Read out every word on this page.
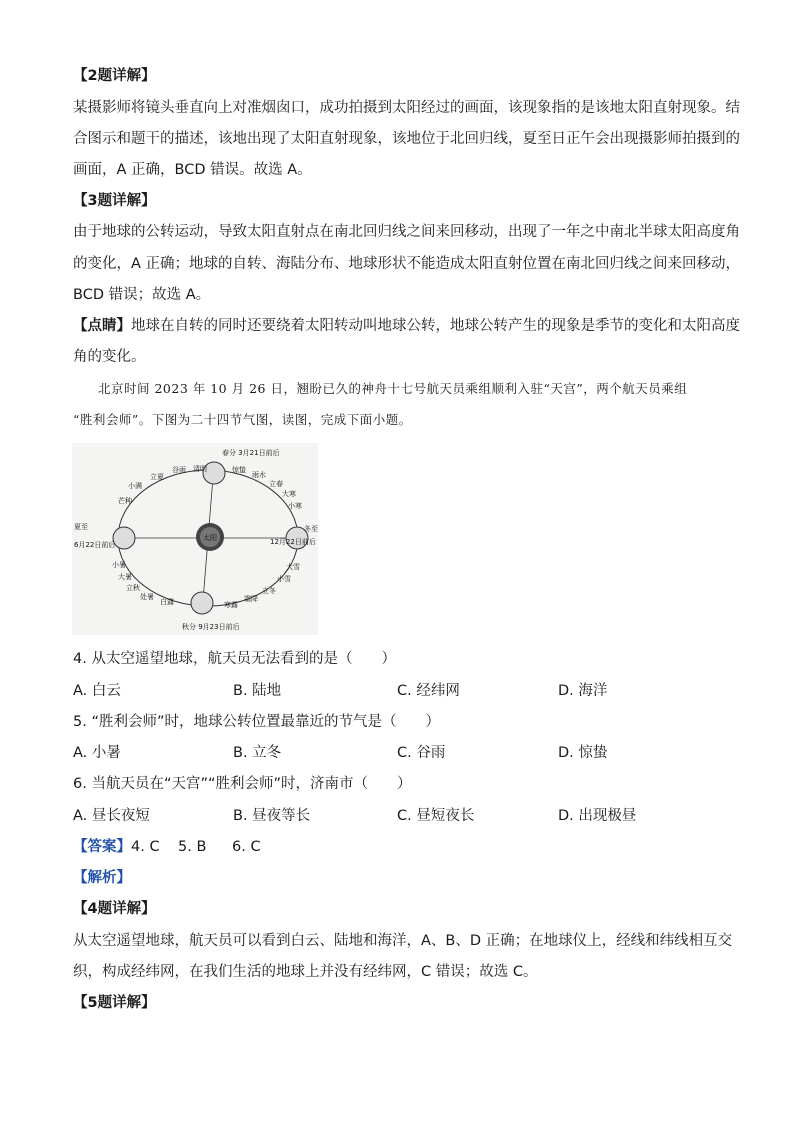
【2题详解】
某摄影师将镜头垂直向上对准烟囱口，成功拍摄到太阳经过的画面，该现象指的是该地太阳直射现象。结
合图示和题干的描述，该地出现了太阳直射现象，该地位于北回归线，夏至日正午会出现摄影师拍摄到的
画面，A 正确，BCD 错误。故选 A。
【3题详解】
由于地球的公转运动，导致太阳直射点在南北回归线之间来回移动，出现了一年之中南北半球太阳高度角
的变化，A 正确；地球的自转、海陆分布、地球形状不能造成太阳直射位置在南北回归线之间来回移动，
BCD 错误；故选 A。
【点睛】地球在自转的同时还要绕着太阳转动叫地球公转，地球公转产生的现象是季节的变化和太阳高度
角的变化。
北京时间 2023 年 10 月 26 日，翘盼已久的神舟十七号航天员乘组顺利入驻“天宫”，两个航天员乘组
“胜利会师”。下图为二十四节气图，读图，完成下面小题。
太阳
春分 3月21日前后
夏至
6月22日前后
冬至
12月22日前后
秋分 9月23日前后
立夏
谷雨 清明	惊蛰
雨水
立春
大寒
小寒
小满
芒种
小暑
大暑
立秋
处暑
白露	寒露
霜降
立冬
小雪
大雪
4. 从太空遥望地球，航天员无法看到的是（　　）
A. 白云	B. 陆地	C. 经纬网	D. 海洋
5. “胜利会师”时，地球公转位置最靠近的节气是（　　）
A. 小暑	B. 立冬	C. 谷雨	D. 惊蛰
6. 当航天员在“天宫”“胜利会师”时，济南市（　　）
A. 昼长夜短	B. 昼夜等长	C. 昼短夜长	D. 出现极昼
【答案】4. C 5. B 6. C
【解析】
【4题详解】
从太空遥望地球，航天员可以看到白云、陆地和海洋，A、B、D 正确；在地球仪上，经线和纬线相互交
织，构成经纬网，在我们生活的地球上并没有经纬网，C 错误；故选 C。
【5题详解】
